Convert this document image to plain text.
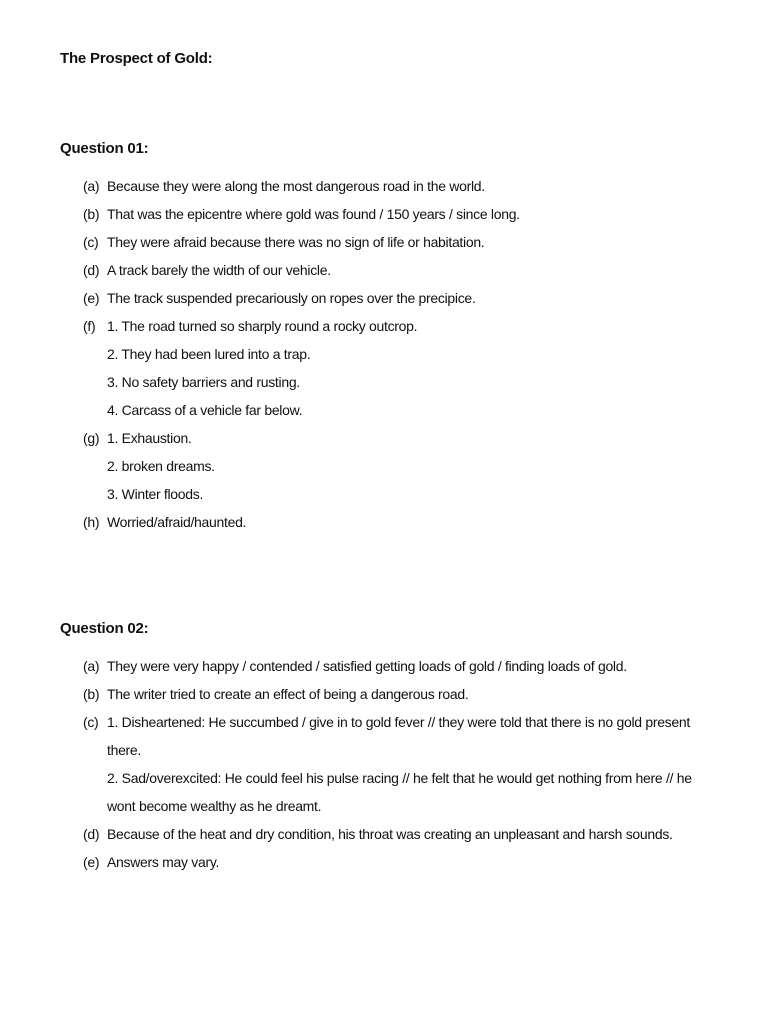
The Prospect of Gold:
Question 01:
(a) Because they were along the most dangerous road in the world.
(b) That was the epicentre where gold was found / 150 years / since long.
(c) They were afraid because there was no sign of life or habitation.
(d) A track barely the width of our vehicle.
(e) The track suspended precariously on ropes over the precipice.
(f) 1. The road turned so sharply round a rocky outcrop.
2. They had been lured into a trap.
3. No safety barriers and rusting.
4. Carcass of a vehicle far below.
(g) 1. Exhaustion.
2. broken dreams.
3. Winter floods.
(h) Worried/afraid/haunted.
Question 02:
(a) They were very happy / contended / satisfied getting loads of gold / finding loads of gold.
(b) The writer tried to create an effect of being a dangerous road.
(c) 1. Disheartened: He succumbed / give in to gold fever // they were told that there is no gold present
there.
2. Sad/overexcited: He could feel his pulse racing // he felt that he would get nothing from here // he
wont become wealthy as he dreamt.
(d) Because of the heat and dry condition, his throat was creating an unpleasant and harsh sounds.
(e) Answers may vary.
